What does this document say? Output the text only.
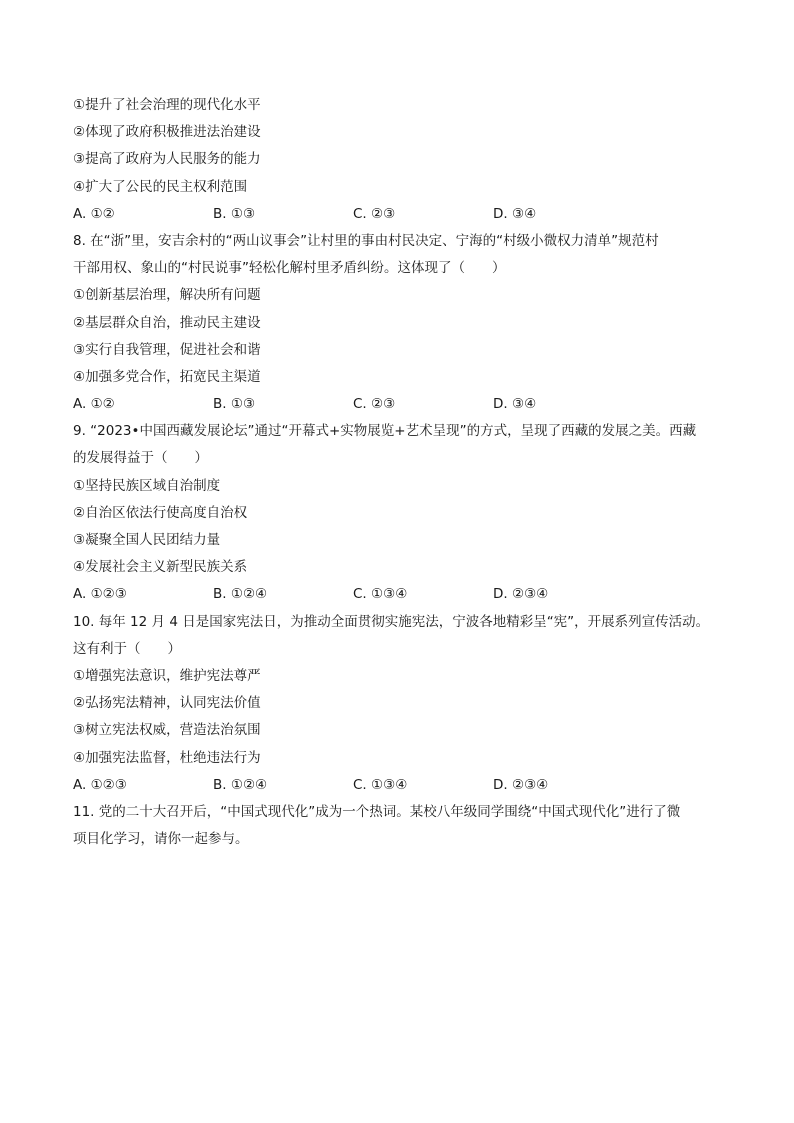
①提升了社会治理的现代化水平
②体现了政府积极推进法治建设
③提高了政府为人民服务的能力
④扩大了公民的民主权利范围
A. ①②	B. ①③	C. ②③	D. ③④
8. 在“浙”里，安吉余村的“两山议事会”让村里的事由村民决定、宁海的“村级小微权力清单”规范村
干部用权、象山的“村民说事”轻松化解村里矛盾纠纷。这体现了（　　）
①创新基层治理，解决所有问题
②基层群众自治，推动民主建设
③实行自我管理，促进社会和谐
④加强多党合作，拓宽民主渠道
A. ①②	B. ①③	C. ②③	D. ③④
9. “2023•中国西藏发展论坛”通过“开幕式+实物展览+艺术呈现”的方式，呈现了西藏的发展之美。西藏
的发展得益于（　　）
①坚持民族区域自治制度
②自治区依法行使高度自治权
③凝聚全国人民团结力量
④发展社会主义新型民族关系
A. ①②③	B. ①②④	C. ①③④	D. ②③④
10. 每年 12 月 4 日是国家宪法日，为推动全面贯彻实施宪法，宁波各地精彩呈“宪”，开展系列宣传活动。
这有利于（　　）
①增强宪法意识，维护宪法尊严
②弘扬宪法精神，认同宪法价值
③树立宪法权威，营造法治氛围
④加强宪法监督，杜绝违法行为
A. ①②③	B. ①②④	C. ①③④	D. ②③④
11. 党的二十大召开后，“中国式现代化”成为一个热词。某校八年级同学围绕“中国式现代化”进行了微
项目化学习，请你一起参与。
